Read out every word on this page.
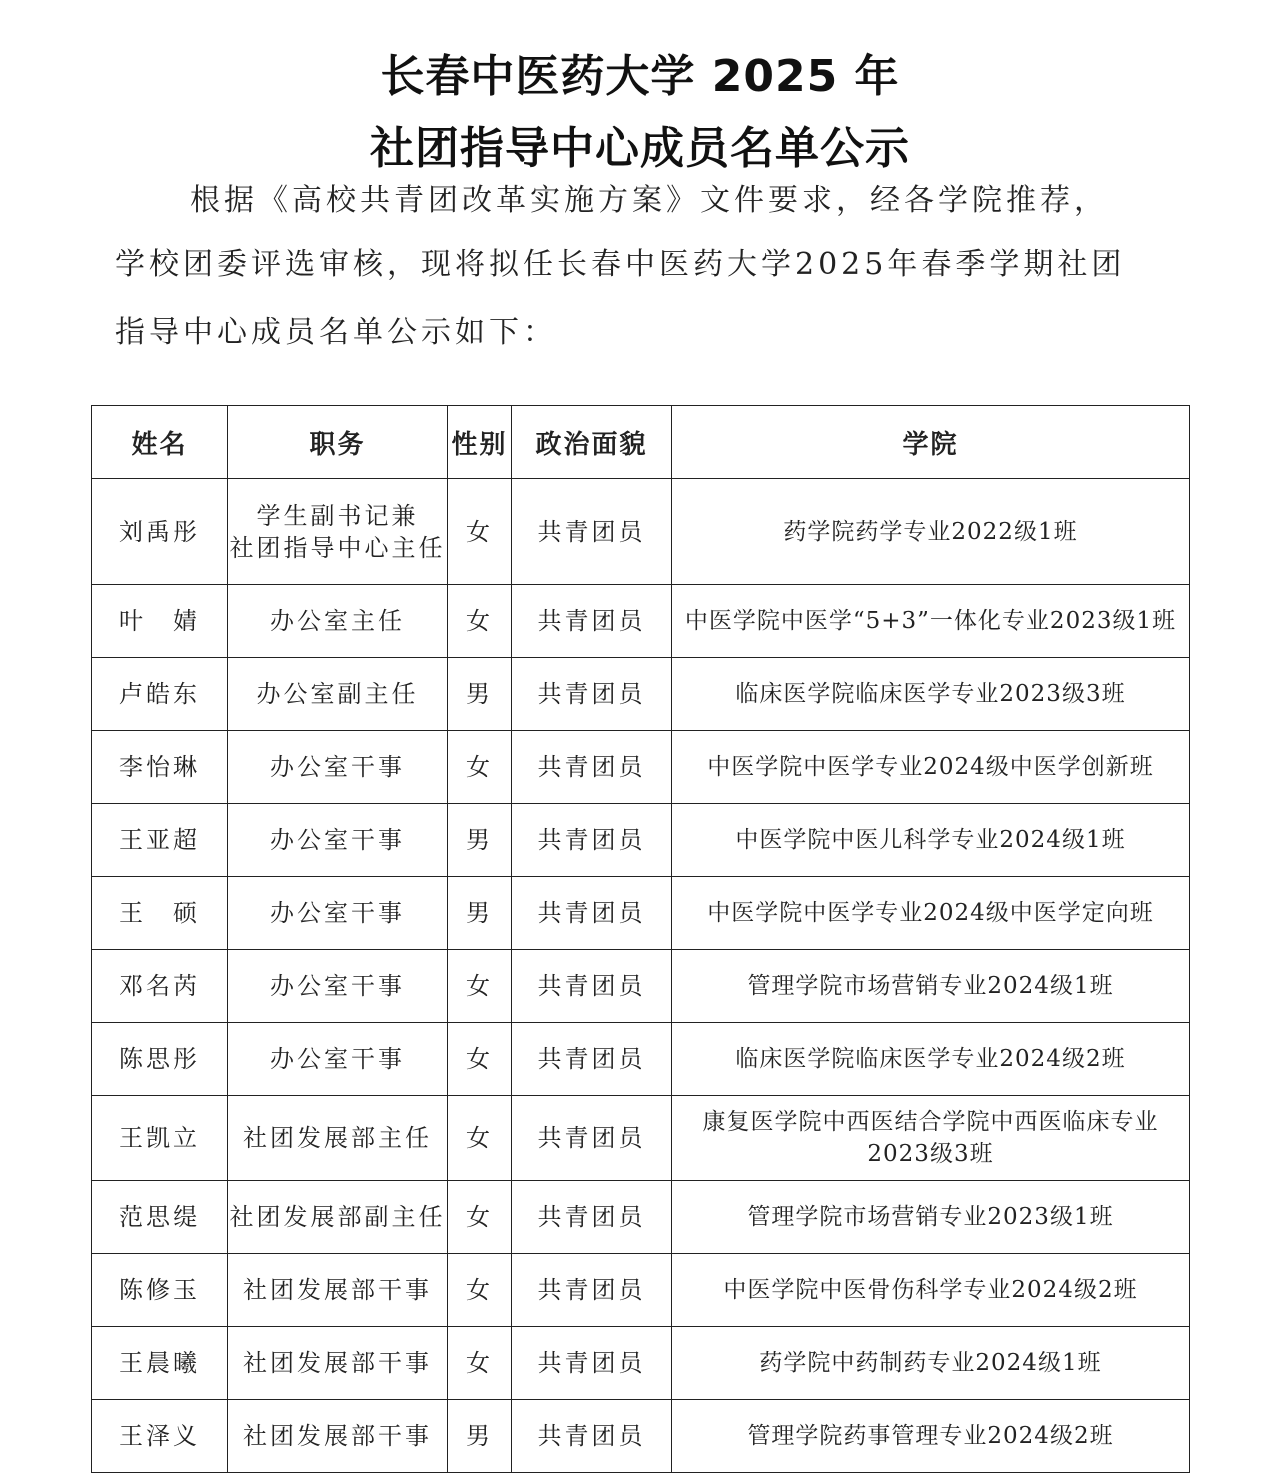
长春中医药大学 2025 年
社团指导中心成员名单公示
根据《高校共青团改革实施方案》文件要求，经各学院推荐，
学校团委评选审核，现将拟任长春中医药大学2025年春季学期社团
指导中心成员名单公示如下：
姓名	职务	性别	政治面貌	学院
刘禹彤	学生副书记兼
社团指导中心主任	女	共青团员	药学院药学专业2022级1班
叶　婧	办公室主任	女	共青团员	中医学院中医学“5+3”一体化专业2023级1班
卢皓东	办公室副主任	男	共青团员	临床医学院临床医学专业2023级3班
李怡琳	办公室干事	女	共青团员	中医学院中医学专业2024级中医学创新班
王亚超	办公室干事	男	共青团员	中医学院中医儿科学专业2024级1班
王　硕	办公室干事	男	共青团员	中医学院中医学专业2024级中医学定向班
邓名芮	办公室干事	女	共青团员	管理学院市场营销专业2024级1班
陈思彤	办公室干事	女	共青团员	临床医学院临床医学专业2024级2班
王凯立	社团发展部主任	女	共青团员	康复医学院中西医结合学院中西医临床专业
2023级3班
范思缇	社团发展部副主任	女	共青团员	管理学院市场营销专业2023级1班
陈修玉	社团发展部干事	女	共青团员	中医学院中医骨伤科学专业2024级2班
王晨曦	社团发展部干事	女	共青团员	药学院中药制药专业2024级1班
王泽义	社团发展部干事	男	共青团员	管理学院药事管理专业2024级2班
